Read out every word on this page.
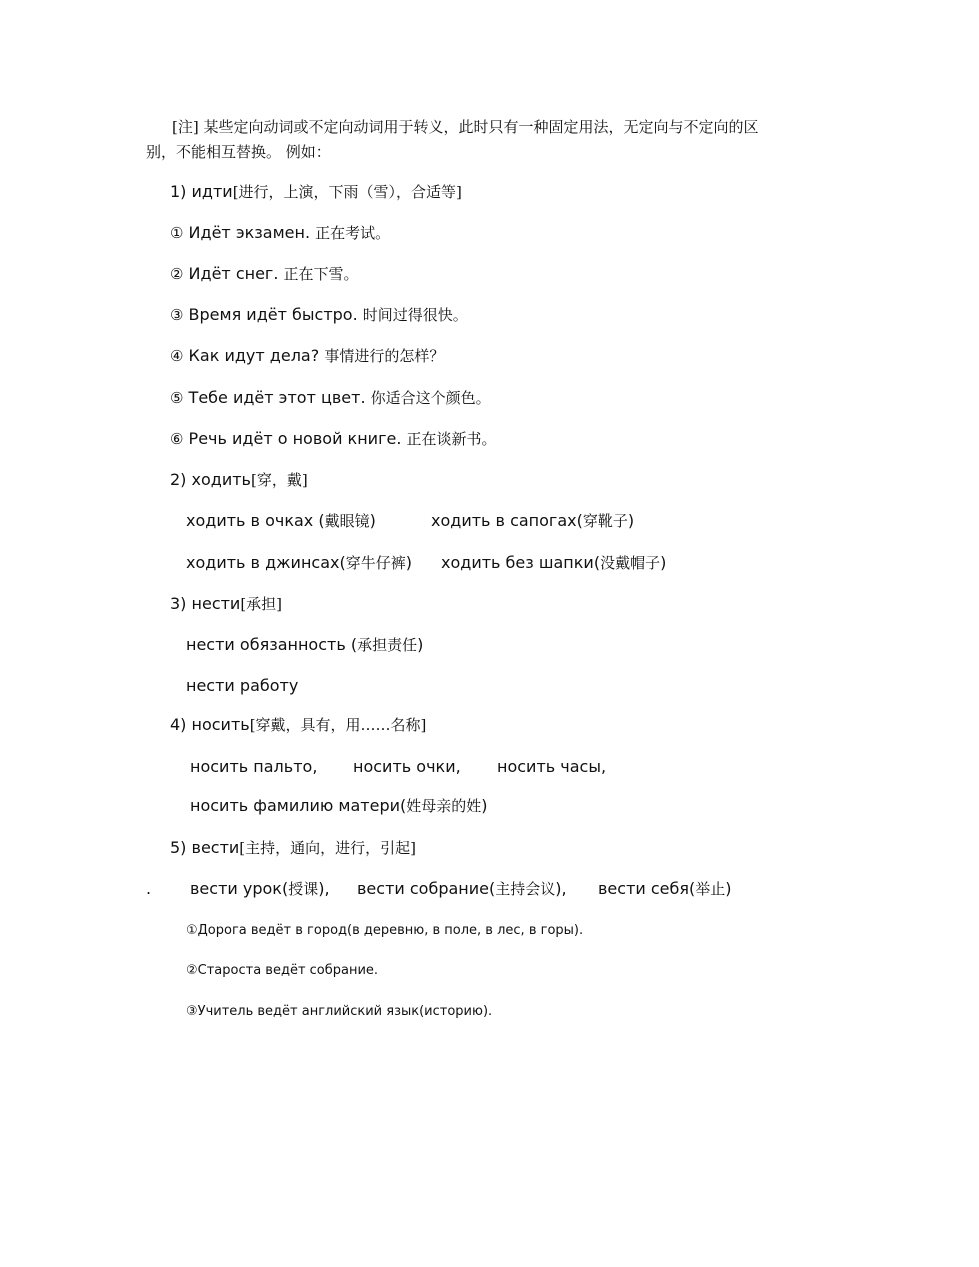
[注] 某些定向动词或不定向动词用于转义，此时只有一种固定用法，无定向与不定向的区
别，不能相互替换。 例如：
1) идти[进行，上演，下雨（雪），合适等]
① Идёт экзамен. 正在考试。
② Идёт снег. 正在下雪。
③ Время идёт быстро. 时间过得很快。
④ Как идут дела? 事情进行的怎样？
⑤ Тебе идёт этот цвет. 你适合这个颜色。
⑥ Речь идёт о новой книге. 正在谈新书。
2) ходить[穿，戴]
ходить в очках (戴眼镜)	ходить в сапогах(穿靴子)
ходить в джинсах(穿牛仔裤) ходить без шапки(没戴帽子)
3) нести[承担]
нести обязанность (承担责任)
нести работу
4) носить[穿戴，具有，用……名称]
носить пальто, носить очки, носить часы,
носить фамилию матери(姓母亲的姓)
5) вести[主持，通向，进行，引起]
. вести урок(授课), вести собрание(主持会议), вести себя(举止)
①Дорога ведёт в город(в деревню, в поле, в лес, в горы).
②Староста ведёт собрание.
③Учитель ведёт английский язык(историю).
